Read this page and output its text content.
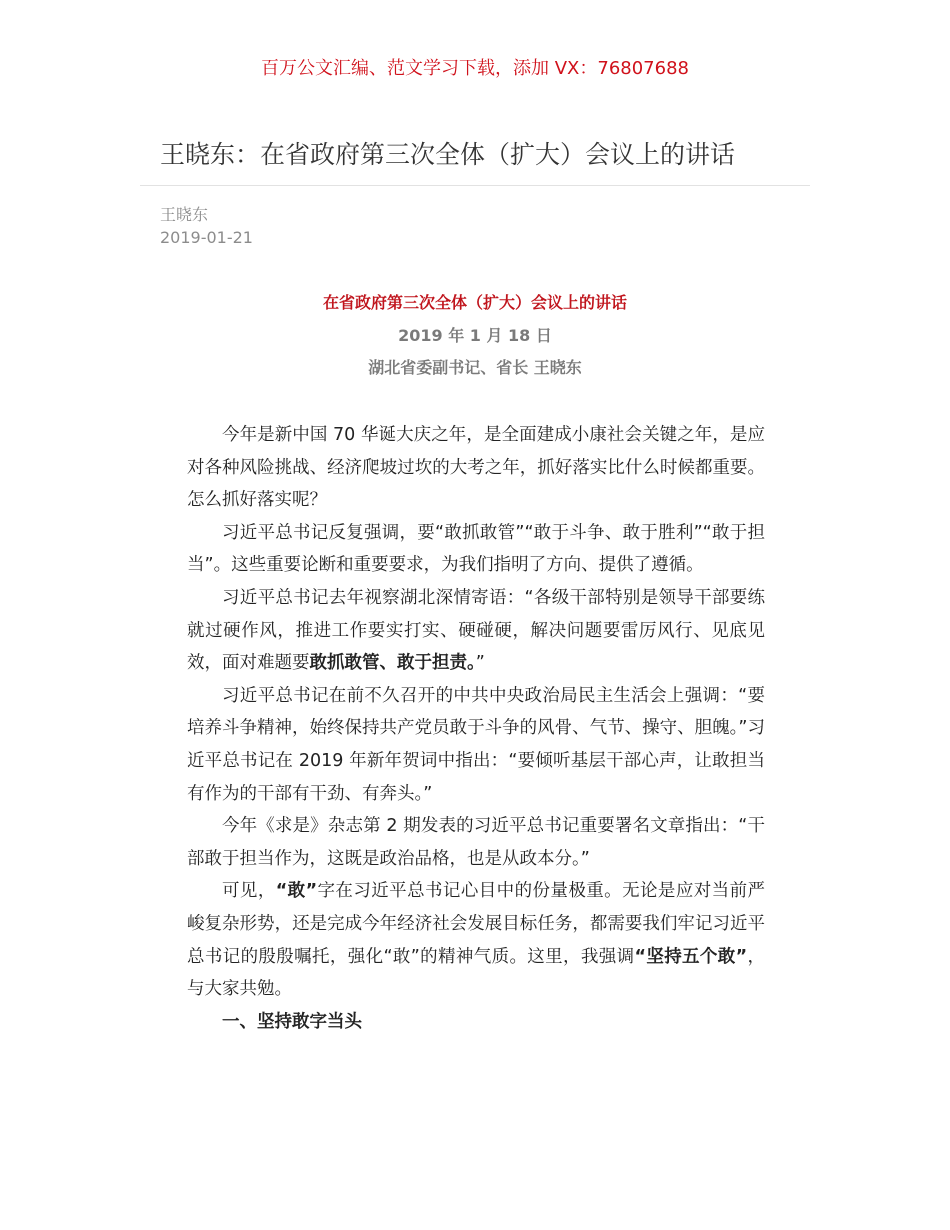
百万公文汇编、范文学习下载，添加 VX：76807688
王晓东：在省政府第三次全体（扩大）会议上的讲话
王晓东
2019-01-21
在省政府第三次全体（扩大）会议上的讲话
2019 年 1 月 18 日
湖北省委副书记、省长 王晓东

今年是新中国 70 华诞大庆之年，是全面建成小康社会关键之年，是应对各种风险挑战、经济爬坡过坎的大考之年，抓好落实比什么时候都重要。怎么抓好落实呢？

习近平总书记反复强调，要“敢抓敢管”“敢于斗争、敢于胜利”“敢于担当”。这些重要论断和重要要求，为我们指明了方向、提供了遵循。

习近平总书记去年视察湖北深情寄语：“各级干部特别是领导干部要练就过硬作风，推进工作要实打实、硬碰硬，解决问题要雷厉风行、见底见效，面对难题要敢抓敢管、敢于担责。”

习近平总书记在前不久召开的中共中央政治局民主生活会上强调：“要培养斗争精神，始终保持共产党员敢于斗争的风骨、气节、操守、胆魄。”习近平总书记在 2019 年新年贺词中指出：“要倾听基层干部心声，让敢担当有作为的干部有干劲、有奔头。”

今年《求是》杂志第 2 期发表的习近平总书记重要署名文章指出：“干部敢于担当作为，这既是政治品格，也是从政本分。”

可见，“敢”字在习近平总书记心目中的份量极重。无论是应对当前严峻复杂形势，还是完成今年经济社会发展目标任务，都需要我们牢记习近平总书记的殷殷嘱托，强化“敢”的精神气质。这里，我强调“坚持五个敢”，与大家共勉。

一、坚持敢字当头
